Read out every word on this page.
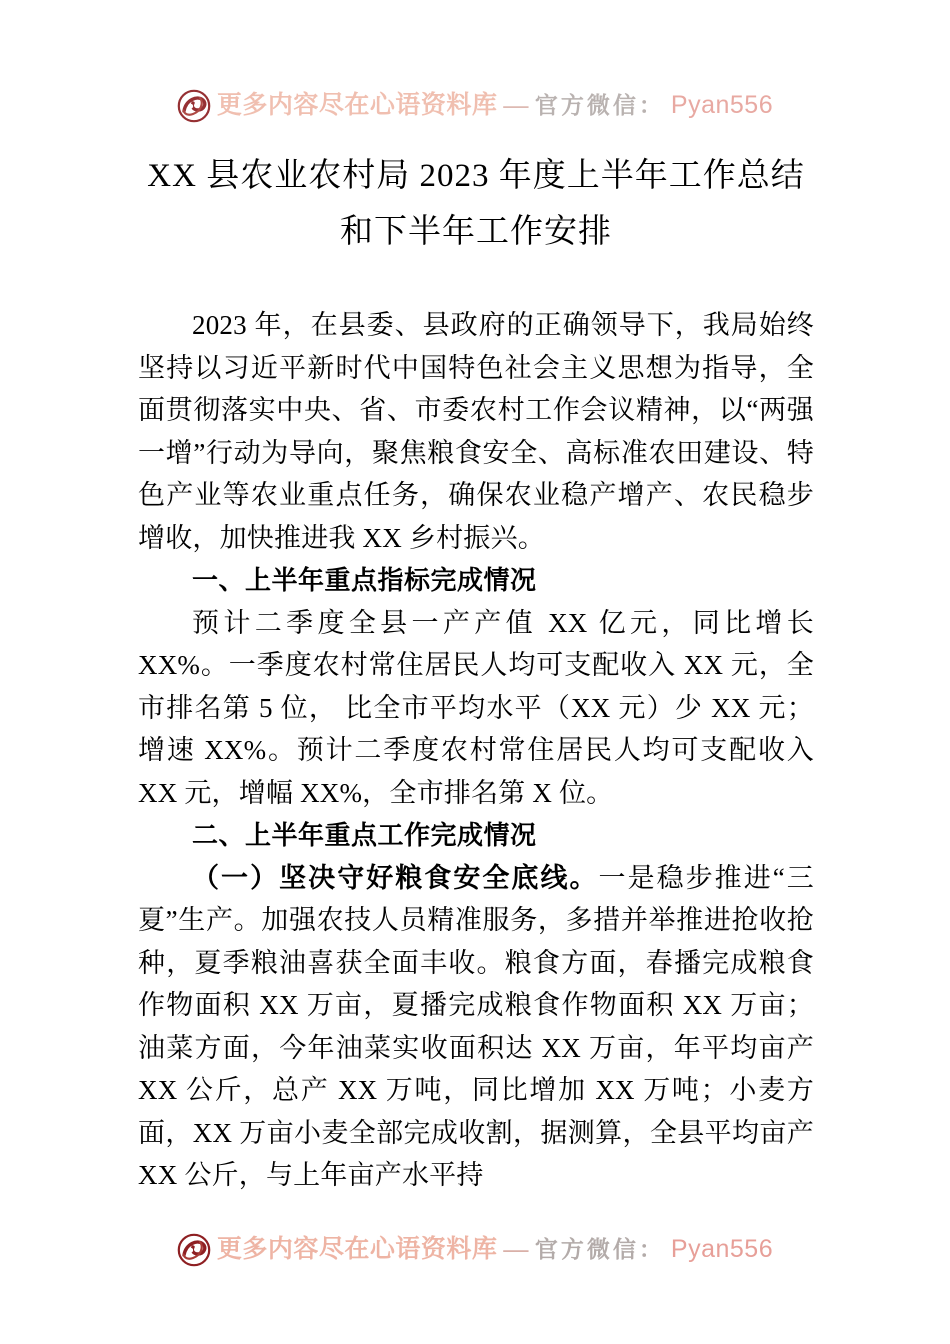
更多内容尽在心语资料库 — 官方微信： Pyan556
XX 县农业农村局 2023 年度上半年工作总结和下半年工作安排

2023 年，在县委、县政府的正确领导下，我局始终坚持以习近平新时代中国特色社会主义思想为指导，全面贯彻落实中央、省、市委农村工作会议精神，以“两强一增”行动为导向，聚焦粮食安全、高标准农田建设、特色产业等农业重点任务，确保农业稳产增产、农民稳步增收，加快推进我 XX 乡村振兴。

一、上半年重点指标完成情况

预计二季度全县一产产值 XX 亿元，同比增长 XX%。一季度农村常住居民人均可支配收入 XX 元，全市排名第 5 位， 比全市平均水平（XX 元）少 XX 元；增速 XX%。预计二季度农村常住居民人均可支配收入 XX 元，增幅 XX%，全市排名第 X 位。

二、上半年重点工作完成情况

（一）坚决守好粮食安全底线。一是稳步推进“三夏”生产。加强农技人员精准服务，多措并举推进抢收抢种，夏季粮油喜获全面丰收。粮食方面，春播完成粮食作物面积 XX 万亩，夏播完成粮食作物面积 XX 万亩；油菜方面，今年油菜实收面积达 XX 万亩，年平均亩产 XX 公斤，总产 XX 万吨，同比增加 XX 万吨；小麦方面，XX 万亩小麦全部完成收割，据测算，全县平均亩产 XX 公斤，与上年亩产水平持

更多内容尽在心语资料库 — 官方微信： Pyan556
